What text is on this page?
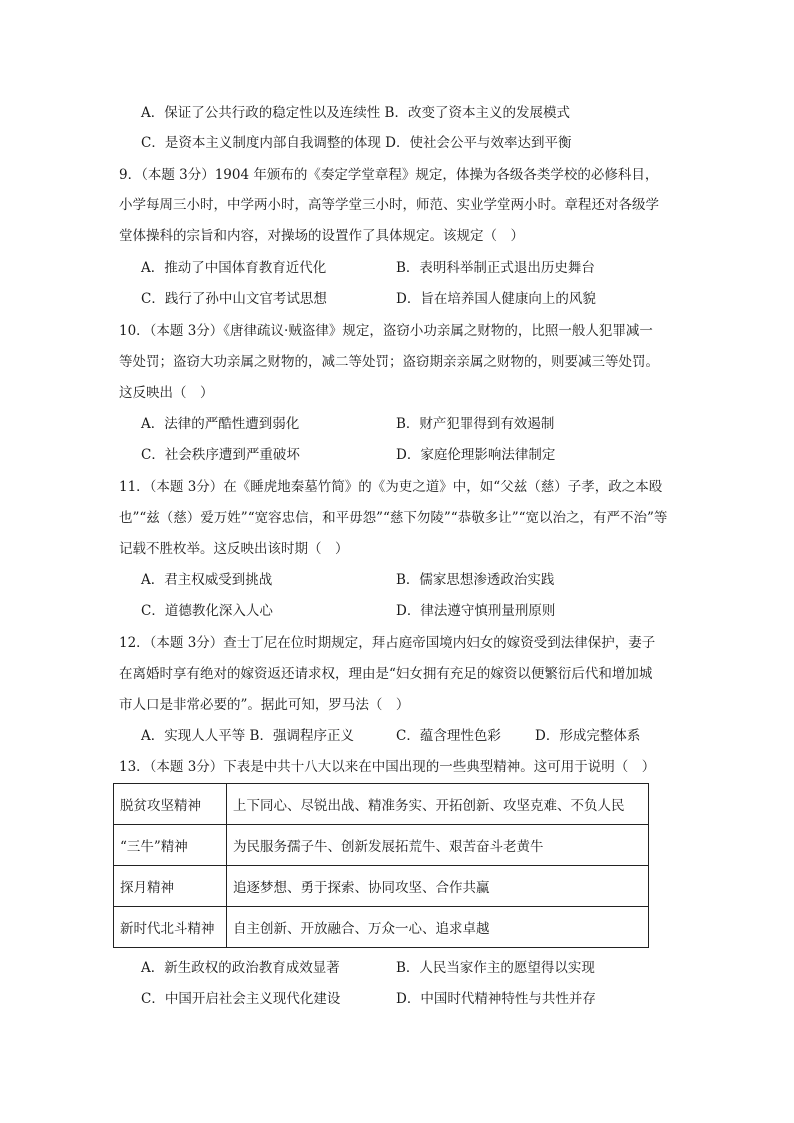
A．保证了公共行政的稳定性以及连续性 B．改变了资本主义的发展模式
C．是资本主义制度内部自我调整的体现 D．使社会公平与效率达到平衡
9．（本题 3分）1904 年颁布的《奏定学堂章程》规定，体操为各级各类学校的必修科目，
小学每周三小时，中学两小时，高等学堂三小时，师范、实业学堂两小时。章程还对各级学
堂体操科的宗旨和内容，对操场的设置作了具体规定。该规定（　）
A．推动了中国体育教育近代化	B．表明科举制正式退出历史舞台
C．践行了孙中山文官考试思想	D．旨在培养国人健康向上的风貌
10．（本题 3分）《唐律疏议·贼盗律》规定，盗窃小功亲属之财物的，比照一般人犯罪减一
等处罚；盗窃大功亲属之财物的，减二等处罚；盗窃期亲亲属之财物的，则要减三等处罚。
这反映出（　）
A．法律的严酷性遭到弱化	B．财产犯罪得到有效遏制
C．社会秩序遭到严重破坏	D．家庭伦理影响法律制定
11．（本题 3分）在《睡虎地秦墓竹简》的《为吏之道》中，如“父兹（慈）子孝，政之本殴
也”“兹（慈）爱万姓”“宽容忠信，和平毋怨”“慈下勿陵”“恭敬多让”“宽以治之，有严不治”等
记载不胜枚举。这反映出该时期（　）
A．君主权威受到挑战	B．儒家思想渗透政治实践
C．道德教化深入人心	D．律法遵守慎刑量刑原则
12．（本题 3分）查士丁尼在位时期规定，拜占庭帝国境内妇女的嫁资受到法律保护，妻子
在离婚时享有绝对的嫁资返还请求权，理由是“妇女拥有充足的嫁资以便繁衍后代和增加城
市人口是非常必要的”。据此可知，罗马法（　）
A．实现人人平等 B．强调程序正义	C．蕴含理性色彩	D．形成完整体系
13．（本题 3分）下表是中共十八大以来在中国出现的一些典型精神。这可用于说明（　）
脱贫攻坚精神	上下同心、尽锐出战、精准务实、开拓创新、攻坚克难、不负人民
“三牛”精神	为民服务孺子牛、创新发展拓荒牛、艰苦奋斗老黄牛
探月精神	追逐梦想、勇于探索、协同攻坚、合作共赢
新时代北斗精神	自主创新、开放融合、万众一心、追求卓越
A．新生政权的政治教育成效显著	B．人民当家作主的愿望得以实现
C．中国开启社会主义现代化建设	D．中国时代精神特性与共性并存
